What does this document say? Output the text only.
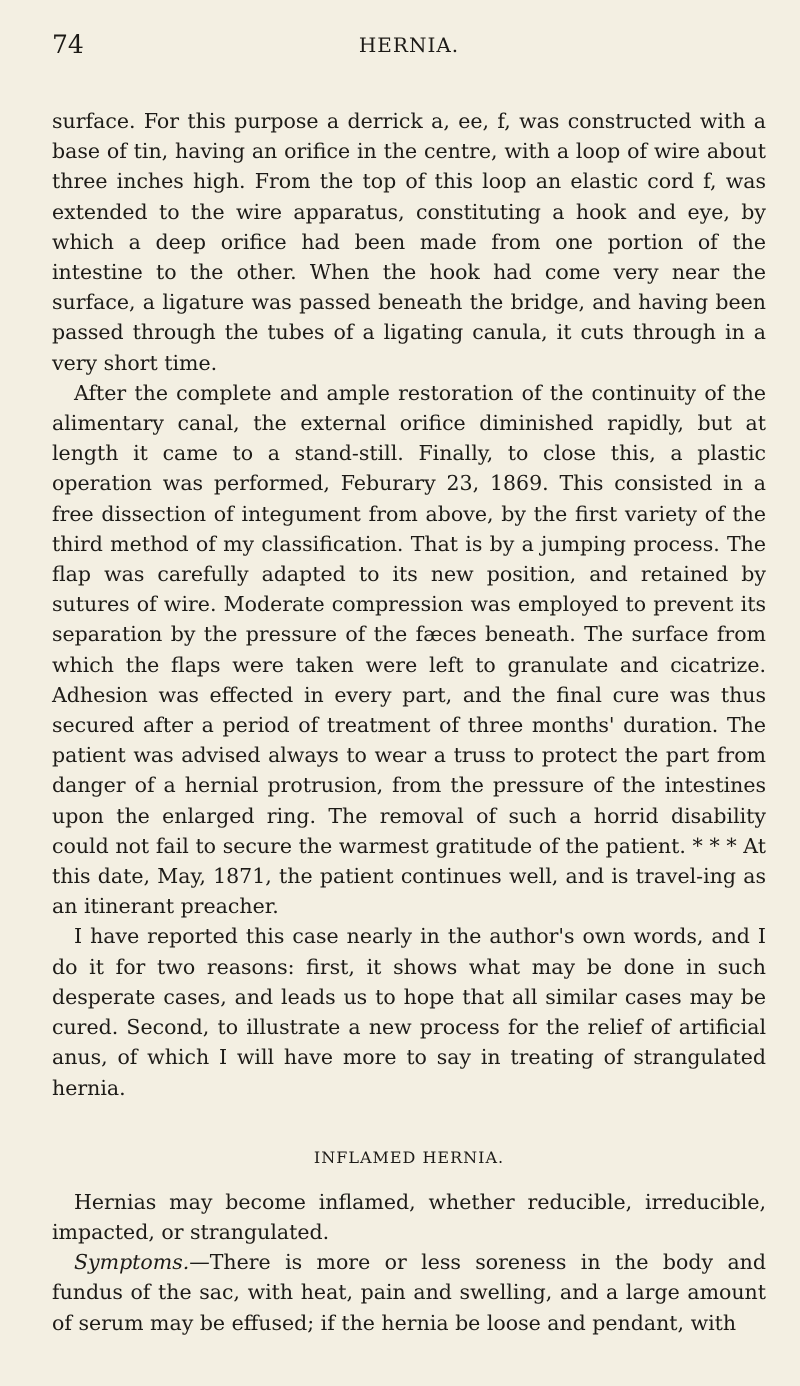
74	HERNIA.

surface. For this purpose a derrick a, ee, f, was constructed with a base of tin, having an orifice in the centre, with a loop of wire about three inches high. From the top of this loop an elastic cord f, was extended to the wire apparatus, constituting a hook and eye, by which a deep orifice had been made from one portion of the intestine to the other. When the hook had come very near the surface, a ligature was passed beneath the bridge, and having been passed through the tubes of a ligating canula, it cuts through in a very short time.

After the complete and ample restoration of the continuity of the alimentary canal, the external orifice diminished rapidly, but at length it came to a stand-still. Finally, to close this, a plastic operation was performed, Feburary 23, 1869. This consisted in a free dissection of integument from above, by the first variety of the third method of my classification. That is by a jumping process. The flap was carefully adapted to its new position, and retained by sutures of wire. Moderate compression was employed to prevent its separation by the pressure of the fæces beneath. The surface from which the flaps were taken were left to granulate and cicatrize. Adhesion was effected in every part, and the final cure was thus secured after a period of treatment of three months' duration. The patient was advised always to wear a truss to protect the part from danger of a hernial protrusion, from the pressure of the intestines upon the enlarged ring. The removal of such a horrid disability could not fail to secure the warmest gratitude of the patient. * * * At this date, May, 1871, the patient continues well, and is travel-ing as an itinerant preacher.

I have reported this case nearly in the author's own words, and I do it for two reasons: first, it shows what may be done in such desperate cases, and leads us to hope that all similar cases may be cured. Second, to illustrate a new process for the relief of artificial anus, of which I will have more to say in treating of strangulated hernia.

INFLAMED HERNIA.

Hernias may become inflamed, whether reducible, irreducible, impacted, or strangulated.

Symptoms.—There is more or less soreness in the body and fundus of the sac, with heat, pain and swelling, and a large amount of serum may be effused; if the hernia be loose and pendant, with
